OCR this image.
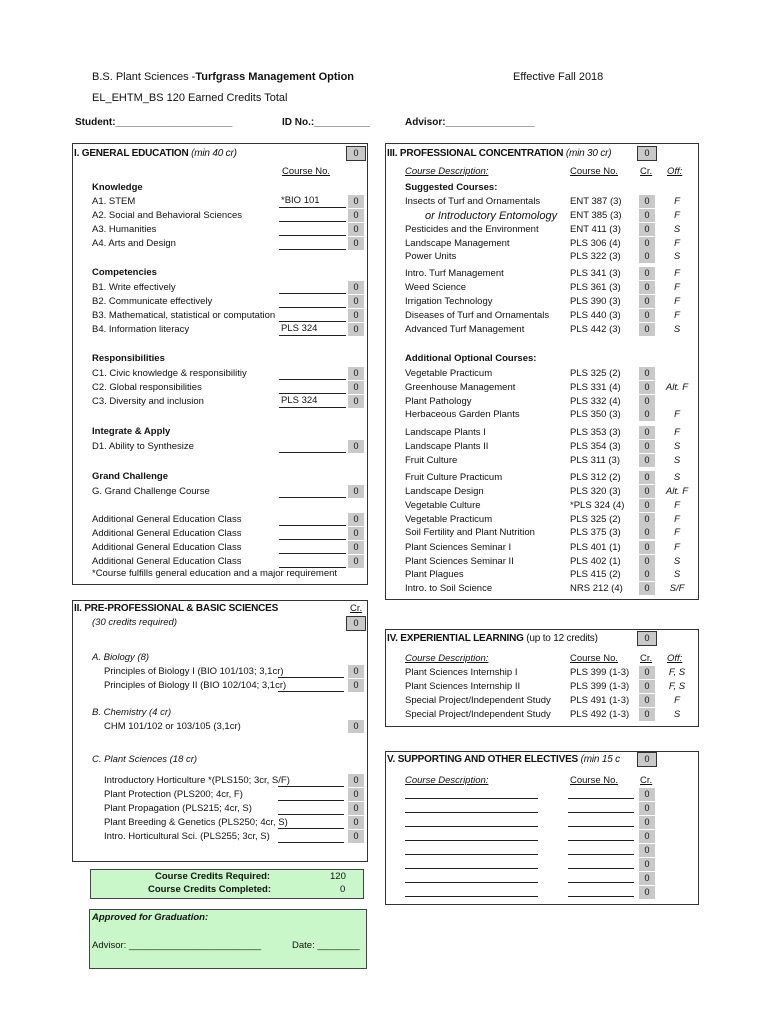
B.S. Plant Sciences -Turfgrass Management Option	Effective Fall 2018
EL_EHTM_BS 120 Earned Credits Total
Student:_____________________	ID No.:__________	Advisor:________________
I. GENERAL EDUCATION (min 40 cr)	0
Course No.
Knowledge
A1. STEM	*BIO 101	0
A2. Social and Behavioral Sciences	0
A3. Humanities	0
A4. Arts and Design	0
Competencies
B1. Write effectively	0
B2. Communicate effectively	0
B3. Mathematical, statistical or computation	0
B4. Information literacy	PLS 324	0
Responsibilities
C1. Civic knowledge & responsibilitiy	0
C2. Global responsibilities	0
C3. Diversity and inclusion	PLS 324	0
Integrate & Apply
D1. Ability to Synthesize	0
Grand Challenge
G. Grand Challenge Course	0
Additional General Education Class	0
Additional General Education Class	0
Additional General Education Class	0
Additional General Education Class	0
*Course fulfills general education and a major requirement
II. PRE-PROFESSIONAL & BASIC SCIENCES	Cr.
(30 credits required)	0
A. Biology (8)
Principles of Biology I (BIO 101/103; 3,1cr)	0
Principles of Biology II (BIO 102/104; 3,1cr)	0
B. Chemistry (4 cr)
CHM 101/102 or 103/105 (3,1cr)	0
C. Plant Sciences (18 cr)
Introductory Horticulture *(PLS150; 3cr, S/F)	0
Plant Protection (PLS200; 4cr, F)	0
Plant Propagation (PLS215; 4cr, S)	0
Plant Breeding & Genetics (PLS250; 4cr, S)	0
Intro. Horticultural Sci. (PLS255; 3cr, S)	0
Course Credits Required:	120
Course Credits Completed:	0
Approved for Graduation:
Advisor: _________________________	Date: ________
III. PROFESSIONAL CONCENTRATION (min 30 cr)	0
Course Description:	Course No. Cr. Off:
Suggested Courses:
Additional Optional Courses:
Insects of Turf and Ornamentals	ENT 387 (3)	0	F
or Introductory Entomology ENT 385 (3)	0	F
Pesticides and the Environment	ENT 411 (3)	0	S
Landscape Management	PLS 306 (4)	0	F
Power Units	PLS 322 (3)	0	S
Intro. Turf Management	PLS 341 (3)	0	F
Weed Science	PLS 361 (3)	0	F
Irrigation Technology	PLS 390 (3)	0	F
Diseases of Turf and Ornamentals PLS 440 (3)	0	F
Advanced Turf Management	PLS 442 (3)	0	S
Vegetable Practicum	PLS 325 (2)	0
Greenhouse Management	PLS 331 (4)	0	Alt. F
Plant Pathology	PLS 332 (4)	0
Herbaceous Garden Plants	PLS 350 (3)	0	F
Landscape Plants I	PLS 353 (3)	0	F
Landscape Plants II	PLS 354 (3)	0	S
Fruit Culture	PLS 311 (3)	0	S
Fruit Culture Practicum	PLS 312 (2)	0	S
Landscape Design	PLS 320 (3)	0	Alt. F
Vegetable Culture	*PLS 324 (4)	0	F
Vegetable Practicum	PLS 325 (2)	0	F
Soil Fertility and Plant Nutrition	PLS 375 (3)	0	F
Plant Sciences Seminar I	PLS 401 (1)	0	F
Plant Sciences Seminar II	PLS 402 (1)	0	S
Plant Plagues	PLS 415 (2)	0	S
Intro. to Soil Science	NRS 212 (4)	0	S/F
IV. EXPERIENTIAL LEARNING (up to 12 credits)	0
Course Description:	Course No. Cr. Off:
Plant Sciences Internship I	PLS 399 (1-3)	0	F, S
Plant Sciences Internship II	PLS 399 (1-3)	0	F, S
Special Project/Independent Study PLS 491 (1-3)	0	F
Special Project/Independent Study PLS 492 (1-3)	0	S
V. SUPPORTING AND OTHER ELECTIVES (min 15 c	0
Course Description:	Course No. Cr.
0
0
0
0
0
0
0
0
